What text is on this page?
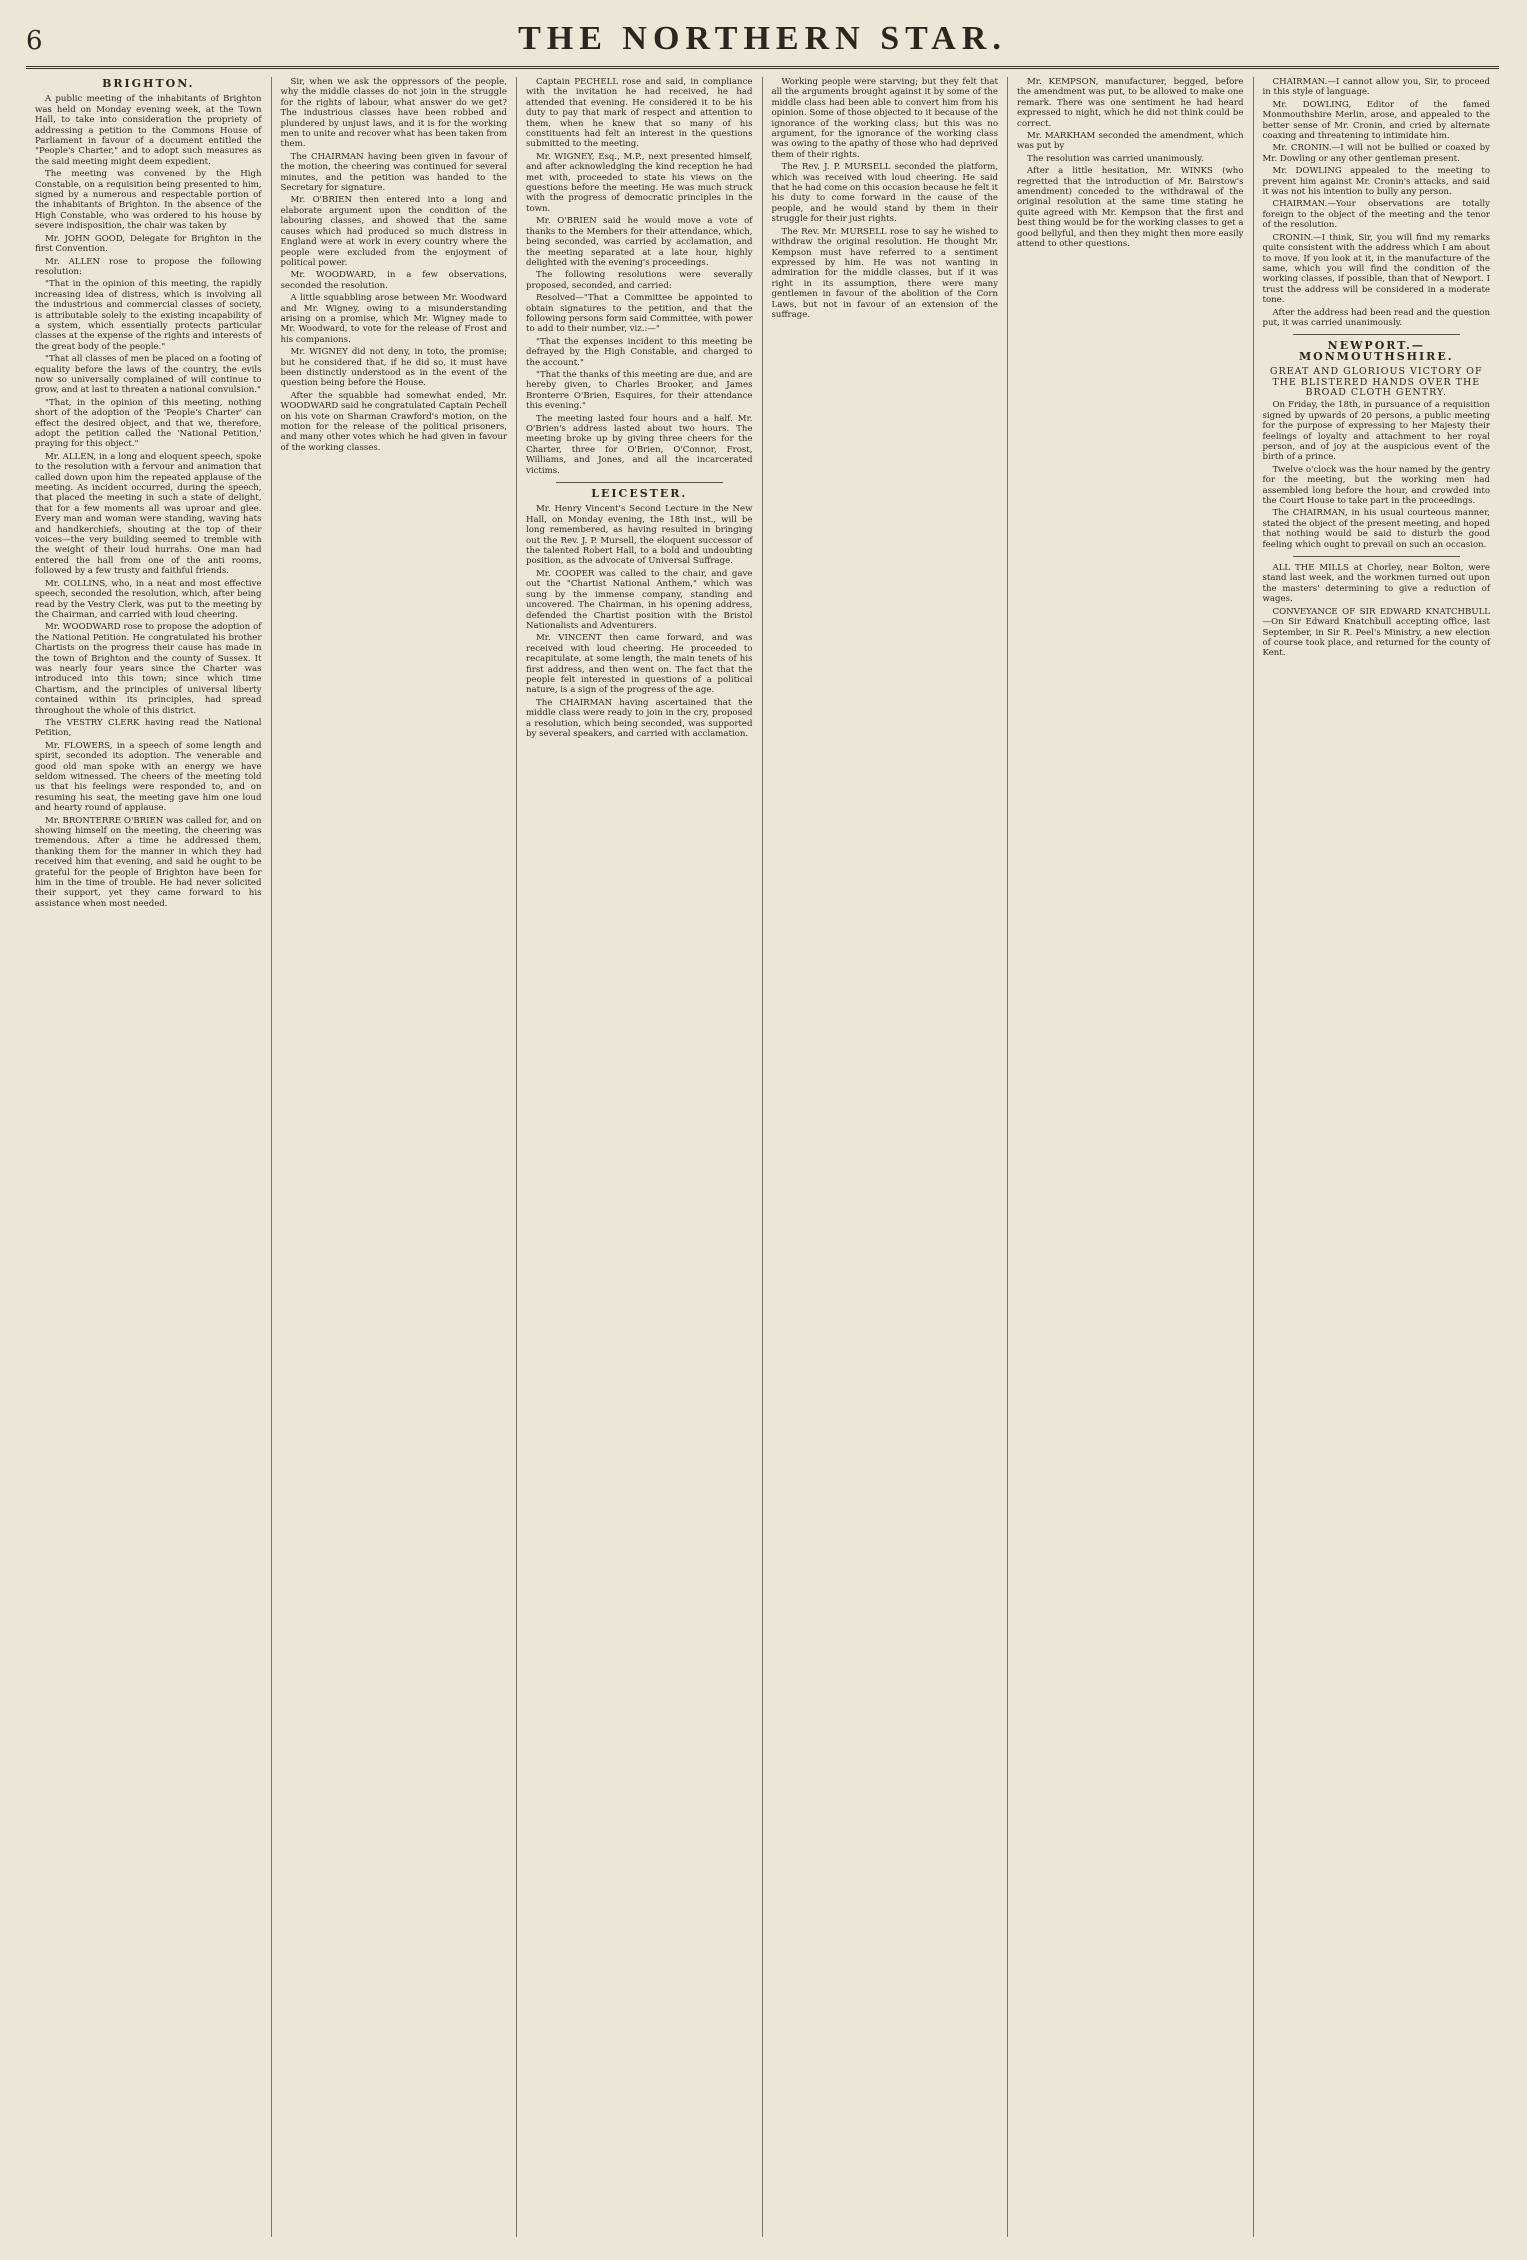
6	THE NORTHERN STAR.
BRIGHTON.

A public meeting of the inhabitants of Brighton was held on Monday evening week, at the Town Hall, to take into consideration the propriety of addressing a petition to the Commons House of Parliament in favour of a document entitled the "People's Charter," and to adopt such measures as the said meeting might deem expedient.

The meeting was convened by the High Constable, on a requisition being presented to him, signed by a numerous and respectable portion of the inhabitants of Brighton. In the absence of the High Constable, who was ordered to his house by severe indisposition, the chair was taken by

Mr. JOHN GOOD, Delegate for Brighton in the first Convention.

Mr. ALLEN rose to propose the following resolution:

"That in the opinion of this meeting, the rapidly increasing idea of distress, which is involving all the industrious and commercial classes of society, is attributable solely to the existing incapability of a system, which essentially protects particular classes at the expense of the rights and interests of the great body of the people."

"That all classes of men be placed on a footing of equality before the laws of the country, the evils now so universally complained of will continue to grow, and at last to threaten a national convulsion."

"That, in the opinion of this meeting, nothing short of the adoption of the 'People's Charter' can effect the desired object, and that we, therefore, adopt the petition called the 'National Petition,' praying for this object."

Mr. ALLEN, in a long and eloquent speech, spoke to the resolution with a fervour and animation that called down upon him the repeated applause of the meeting. As incident occurred, during the speech, that placed the meeting in such a state of delight, that for a few moments all was uproar and glee. Every man and woman were standing, waving hats and handkerchiefs, shouting at the top of their voices—the very building seemed to tremble with the weight of their loud hurrahs. One man had entered the hall from one of the anti rooms, followed by a few trusty and faithful friends.

Mr. COLLINS, who, in a neat and most effective speech, seconded the resolution, which, after being read by the Vestry Clerk, was put to the meeting by the Chairman, and carried with loud cheering.

Mr. WOODWARD rose to propose the adoption of the National Petition. He congratulated his brother Chartists on the progress their cause has made in the town of Brighton and the county of Sussex. It was nearly four years since the Charter was introduced into this town; since which time Chartism, and the principles of universal liberty contained within its principles, had spread throughout the whole of this district.

The VESTRY CLERK having read the National Petition,

Mr. FLOWERS, in a speech of some length and spirit, seconded its adoption. The venerable and good old man spoke with an energy we have seldom witnessed. The cheers of the meeting told us that his feelings were responded to, and on resuming his seat, the meeting gave him one loud and hearty round of applause.

Mr. BRONTERRE O'BRIEN was called for, and on showing himself on the meeting, the cheering was tremendous. After a time he addressed them, thanking them for the manner in which they had received him that evening, and said he ought to be grateful for the people of Brighton have been for him in the time of trouble. He had never solicited their support, yet they came forward to his assistance when most needed.

Sir, when we ask the oppressors of the people, why the middle classes do not join in the struggle for the rights of labour, what answer do we get? The industrious classes have been robbed and plundered by unjust laws, and it is for the working men to unite and recover what has been taken from them.

The CHAIRMAN having been given in favour of the motion, the cheering was continued for several minutes, and the petition was handed to the Secretary for signature.

Mr. O'BRIEN then entered into a long and elaborate argument upon the condition of the labouring classes, and showed that the same causes which had produced so much distress in England were at work in every country where the people were excluded from the enjoyment of political power.

Mr. WOODWARD, in a few observations, seconded the resolution.

A little squabbling arose between Mr. Woodward and Mr. Wigney, owing to a misunderstanding arising on a promise, which Mr. Wigney made to Mr. Woodward, to vote for the release of Frost and his companions.

Mr. WIGNEY did not deny, in toto, the promise; but he considered that, if he did so, it must have been distinctly understood as in the event of the question being before the House.

After the squabble had somewhat ended, Mr. WOODWARD said he congratulated Captain Pechell on his vote on Sharman Crawford's motion, on the motion for the release of the political prisoners, and many other votes which he had given in favour of the working classes.

Captain PECHELL rose and said, in compliance with the invitation he had received, he had attended that evening. He considered it to be his duty to pay that mark of respect and attention to them, when he knew that so many of his constituents had felt an interest in the questions submitted to the meeting.

Mr. WIGNEY, Esq., M.P., next presented himself, and after acknowledging the kind reception he had met with, proceeded to state his views on the questions before the meeting. He was much struck with the progress of democratic principles in the town.

Mr. O'BRIEN said he would move a vote of thanks to the Members for their attendance, which, being seconded, was carried by acclamation, and the meeting separated at a late hour, highly delighted with the evening's proceedings.

The following resolutions were severally proposed, seconded, and carried:

Resolved—"That a Committee be appointed to obtain signatures to the petition, and that the following persons form said Committee, with power to add to their number, viz.:—"

"That the expenses incident to this meeting be defrayed by the High Constable, and charged to the account."

"That the thanks of this meeting are due, and are hereby given, to Charles Brooker, and James Bronterre O'Brien, Esquires, for their attendance this evening."

The meeting lasted four hours and a half. Mr. O'Brien's address lasted about two hours. The meeting broke up by giving three cheers for the Charter, three for O'Brien, O'Connor, Frost, Williams, and Jones, and all the incarcerated victims.

LEICESTER.

Mr. Henry Vincent's Second Lecture in the New Hall, on Monday evening, the 18th inst., will be long remembered, as having resulted in bringing out the Rev. J. P. Mursell, the eloquent successor of the talented Robert Hall, to a bold and undoubting position, as the advocate of Universal Suffrage.

Mr. COOPER was called to the chair, and gave out the "Chartist National Anthem," which was sung by the immense company, standing and uncovered. The Chairman, in his opening address, defended the Chartist position with the Bristol Nationalists and Adventurers.

Mr. VINCENT then came forward, and was received with loud cheering. He proceeded to recapitulate, at some length, the main tenets of his first address, and then went on. The fact that the people felt interested in questions of a political nature, is a sign of the progress of the age.

The CHAIRMAN having ascertained that the middle class were ready to join in the cry, proposed a resolution, which being seconded, was supported by several speakers, and carried with acclamation.

Working people were starving; but they felt that all the arguments brought against it by some of the middle class had been able to convert him from his opinion. Some of those objected to it because of the ignorance of the working class; but this was no argument, for the ignorance of the working class was owing to the apathy of those who had deprived them of their rights.

The Rev. J. P. MURSELL seconded the platform, which was received with loud cheering. He said that he had come on this occasion because he felt it his duty to come forward in the cause of the people, and he would stand by them in their struggle for their just rights.

The Rev. Mr. MURSELL rose to say he wished to withdraw the original resolution. He thought Mr. Kempson must have referred to a sentiment expressed by him. He was not wanting in admiration for the middle classes, but if it was right in its assumption, there were many gentlemen in favour of the abolition of the Corn Laws, but not in favour of an extension of the suffrage.

Mr. KEMPSON, manufacturer, begged, before the amendment was put, to be allowed to make one remark. There was one sentiment he had heard expressed to night, which he did not think could be correct.

Mr. MARKHAM seconded the amendment, which was put by

The resolution was carried unanimously.

After a little hesitation, Mr. WINKS (who regretted that the introduction of Mr. Bairstow's amendment) conceded to the withdrawal of the original resolution at the same time stating he quite agreed with Mr. Kempson that the first and best thing would be for the working classes to get a good bellyful, and then they might then more easily attend to other questions.

CHAIRMAN.—I cannot allow you, Sir, to proceed in this style of language.

Mr. DOWLING, Editor of the famed Monmouthshire Merlin, arose, and appealed to the better sense of Mr. Cronin, and cried by alternate coaxing and threatening to intimidate him.

Mr. CRONIN.—I will not be bullied or coaxed by Mr. Dowling or any other gentleman present.

Mr. DOWLING appealed to the meeting to prevent him against Mr. Cronin's attacks, and said it was not his intention to bully any person.

CHAIRMAN.—Your observations are totally foreign to the object of the meeting and the tenor of the resolution.

CRONIN.—I think, Sir, you will find my remarks quite consistent with the address which I am about to move. If you look at it, in the manufacture of the same, which you will find the condition of the working classes, if possible, than that of Newport. I trust the address will be considered in a moderate tone.

After the address had been read and the question put, it was carried unanimously.

NEWPORT.—MONMOUTHSHIRE.
GREAT AND GLORIOUS VICTORY OF THE BLISTERED HANDS OVER THE BROAD CLOTH GENTRY.

On Friday, the 18th, in pursuance of a requisition signed by upwards of 20 persons, a public meeting for the purpose of expressing to her Majesty their feelings of loyalty and attachment to her royal person, and of joy at the auspicious event of the birth of a prince.

Twelve o'clock was the hour named by the gentry for the meeting, but the working men had assembled long before the hour, and crowded into the Court House to take part in the proceedings.

The CHAIRMAN, in his usual courteous manner, stated the object of the present meeting, and hoped that nothing would be said to disturb the good feeling which ought to prevail on such an occasion.

ALL THE MILLS at Chorley, near Bolton, were stand last week, and the workmen turned out upon the masters' determining to give a reduction of wages.

CONVEYANCE OF SIR EDWARD KNATCHBULL—On Sir Edward Knatchbull accepting office, last September, in Sir R. Peel's Ministry, a new election of course took place, and returned for the county of Kent.
